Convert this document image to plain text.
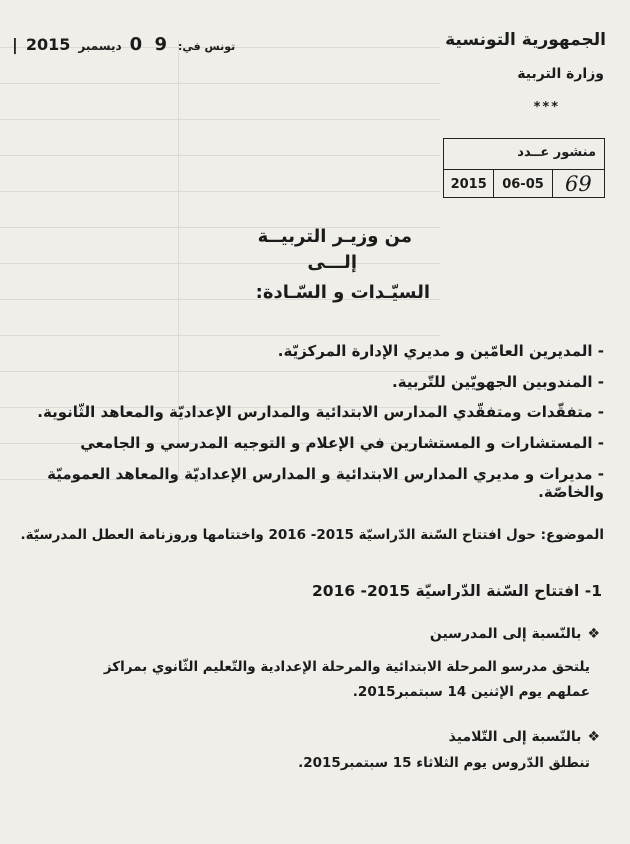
الجمهورية التونسية
وزارة التربية
***
| 2015 ديسمبر 0 9 تونس في:
منشور عــدد
2015	06-05	69
من وزيـر التربيــة
إلـــى
السيّـدات و السّـادة:
- المديرين العامّين و مديري الإدارة المركزيّة.
- المندوبين الجهويّين للتّربية.
- متفقّدات ومتفقّدي المدارس الابتدائية والمدارس الإعداديّة والمعاهد الثّانوية.
- المستشارات و المستشارين في الإعلام و التوجيه المدرسي و الجامعي
- مديرات و مديري المدارس الابتدائية و المدارس الإعداديّة والمعاهد العموميّة والخاصّة.
الموضوع: حول افتتاح السّنة الدّراسيّة 2015- 2016 واختتامها وروزنامة العطل المدرسيّة.
1- افتتاح السّنة الدّراسيّة 2015- 2016
❖بالنّسبة إلى المدرسين
يلتحق مدرسو المرحلة الابتدائية والمرحلة الإعدادية والتّعليم الثّانوي بمراكز عملهم يوم الإثنين 14 سبتمبر2015.
❖بالنّسبة إلى التّلاميذ
تنطلق الدّروس يوم الثلاثاء 15 سبتمبر2015.
